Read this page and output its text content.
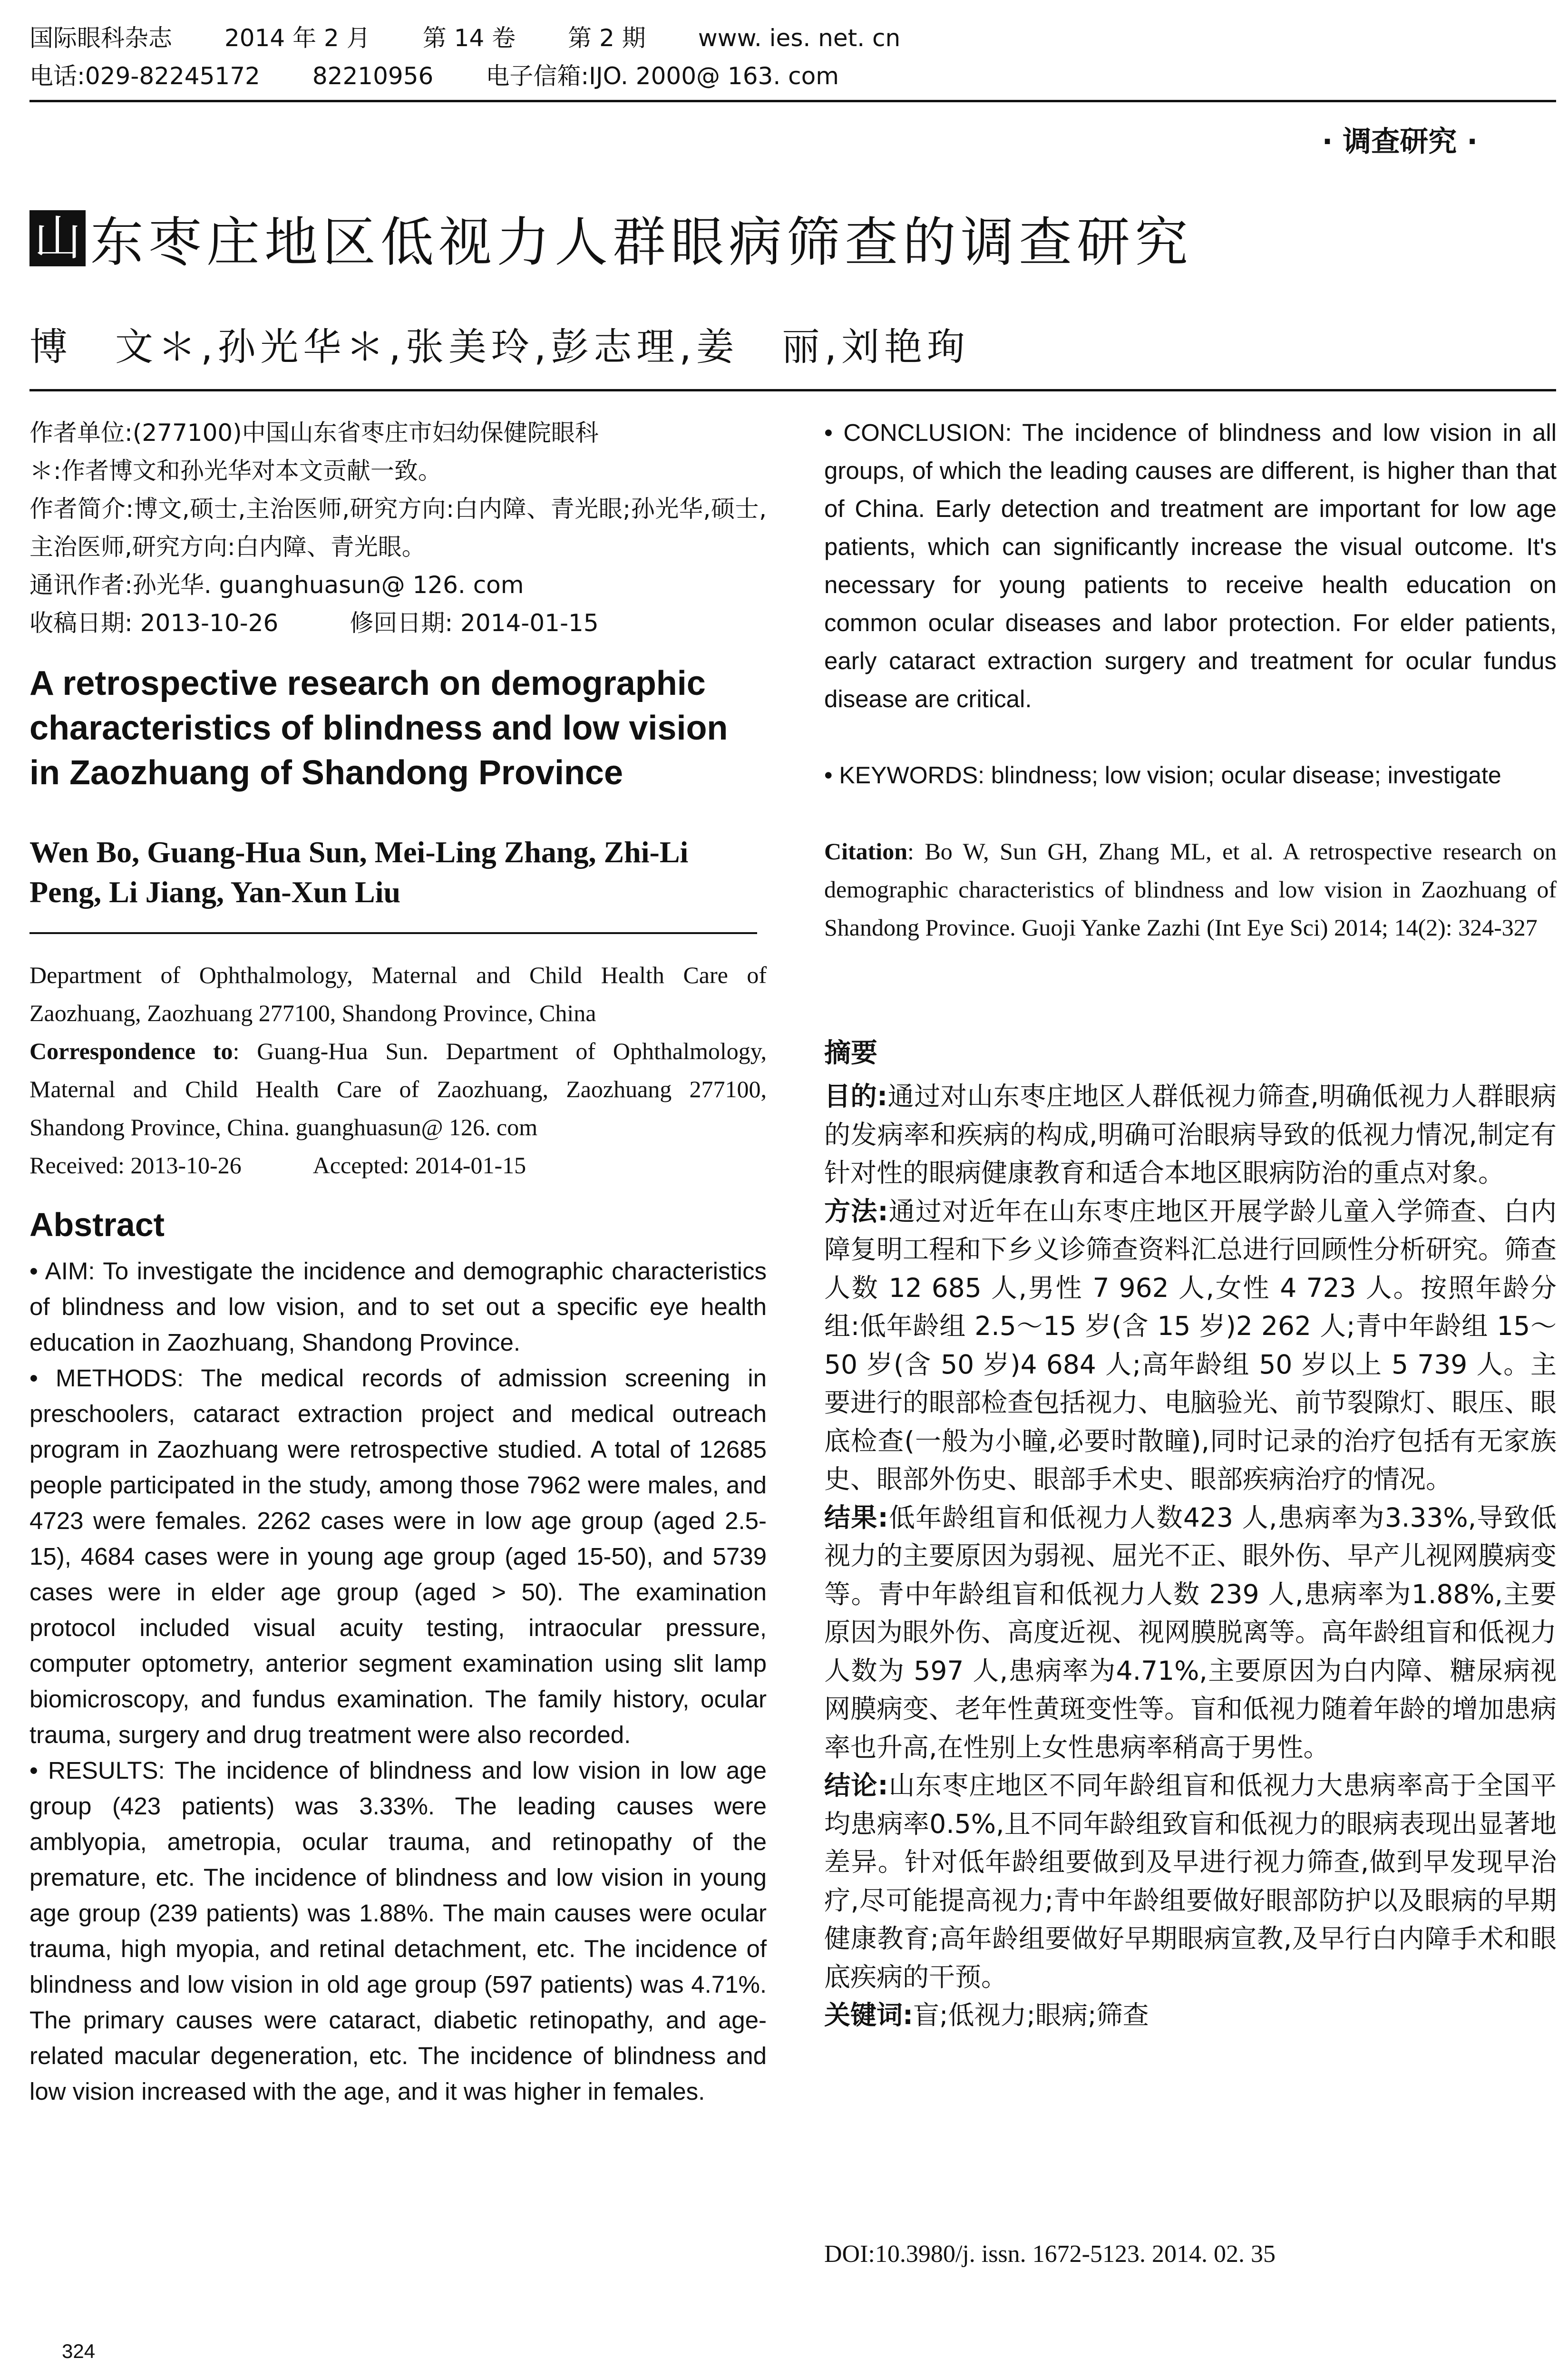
国际眼科杂志 2014 年 2 月 第 14 卷 第 2 期 www. ies. net. cn
电话:029-82245172 82210956 电子信箱:IJO. 2000@ 163. com
· 调查研究 ·
山 东枣庄地区低视力人群眼病筛查的调查研究
博　文＊,孙光华＊,张美玲,彭志理,姜　丽,刘艳珣

作者单位:(277100)中国山东省枣庄市妇幼保健院眼科

＊:作者博文和孙光华对本文贡献一致。

作者简介:博文,硕士,主治医师,研究方向:白内障、青光眼;孙光华,硕士,主治医师,研究方向:白内障、青光眼。

通讯作者:孙光华. guanghuasun@ 126. com

收稿日期: 2013-10-26　　　修回日期: 2014-01-15

A retrospective research on demographic characteristics of blindness and low vision in Zaozhuang of Shandong Province
Wen Bo, Guang-Hua Sun, Mei-Ling Zhang, Zhi-Li Peng, Li Jiang, Yan-Xun Liu

Department of Ophthalmology, Maternal and Child Health Care of Zaozhuang, Zaozhuang 277100, Shandong Province, China

Correspondence to: Guang-Hua Sun. Department of Ophthalmology, Maternal and Child Health Care of Zaozhuang, Zaozhuang 277100, Shandong Province, China. guanghuasun@ 126. com

Received: 2013-10-26　　　Accepted: 2014-01-15

Abstract

• AIM: To investigate the incidence and demographic characteristics of blindness and low vision, and to set out a specific eye health education in Zaozhuang, Shandong Province.

• METHODS: The medical records of admission screening in preschoolers, cataract extraction project and medical outreach program in Zaozhuang were retrospective studied. A total of 12685 people participated in the study, among those 7962 were males, and 4723 were females. 2262 cases were in low age group (aged 2.5-15), 4684 cases were in young age group (aged 15-50), and 5739 cases were in elder age group (aged > 50). The examination protocol included visual acuity testing, intraocular pressure, computer optometry, anterior segment examination using slit lamp biomicroscopy, and fundus examination. The family history, ocular trauma, surgery and drug treatment were also recorded.

• RESULTS: The incidence of blindness and low vision in low age group (423 patients) was 3.33%. The leading causes were amblyopia, ametropia, ocular trauma, and retinopathy of the premature, etc. The incidence of blindness and low vision in young age group (239 patients) was 1.88%. The main causes were ocular trauma, high myopia, and retinal detachment, etc. The incidence of blindness and low vision in old age group (597 patients) was 4.71%. The primary causes were cataract, diabetic retinopathy, and age-related macular degeneration, etc. The incidence of blindness and low vision increased with the age, and it was higher in females.

• CONCLUSION: The incidence of blindness and low vision in all groups, of which the leading causes are different, is higher than that of China. Early detection and treatment are important for low age patients, which can significantly increase the visual outcome. It's necessary for young patients to receive health education on common ocular diseases and labor protection. For elder patients, early cataract extraction surgery and treatment for ocular fundus disease are critical.

• KEYWORDS: blindness; low vision; ocular disease; investigate

Citation: Bo W, Sun GH, Zhang ML, et al. A retrospective research on demographic characteristics of blindness and low vision in Zaozhuang of Shandong Province. Guoji Yanke Zazhi (Int Eye Sci) 2014; 14(2): 324-327

摘要

目的:通过对山东枣庄地区人群低视力筛查,明确低视力人群眼病的发病率和疾病的构成,明确可治眼病导致的低视力情况,制定有针对性的眼病健康教育和适合本地区眼病防治的重点对象。

方法:通过对近年在山东枣庄地区开展学龄儿童入学筛查、白内障复明工程和下乡义诊筛查资料汇总进行回顾性分析研究。筛查人数 12 685 人,男性 7 962 人,女性 4 723 人。按照年龄分组:低年龄组 2.5～15 岁(含 15 岁)2 262 人;青中年龄组 15～50 岁(含 50 岁)4 684 人;高年龄组 50 岁以上 5 739 人。主要进行的眼部检查包括视力、电脑验光、前节裂隙灯、眼压、眼底检查(一般为小瞳,必要时散瞳),同时记录的治疗包括有无家族史、眼部外伤史、眼部手术史、眼部疾病治疗的情况。

结果:低年龄组盲和低视力人数423 人,患病率为3.33%,导致低视力的主要原因为弱视、屈光不正、眼外伤、早产儿视网膜病变等。青中年龄组盲和低视力人数 239 人,患病率为1.88%,主要原因为眼外伤、高度近视、视网膜脱离等。高年龄组盲和低视力人数为 597 人,患病率为4.71%,主要原因为白内障、糖尿病视网膜病变、老年性黄斑变性等。盲和低视力随着年龄的增加患病率也升高,在性别上女性患病率稍高于男性。

结论:山东枣庄地区不同年龄组盲和低视力大患病率高于全国平均患病率0.5%,且不同年龄组致盲和低视力的眼病表现出显著地差异。针对低年龄组要做到及早进行视力筛查,做到早发现早治疗,尽可能提高视力;青中年龄组要做好眼部防护以及眼病的早期健康教育;高年龄组要做好早期眼病宣教,及早行白内障手术和眼底疾病的干预。

关键词:盲;低视力;眼病;筛查

DOI:10.3980/j. issn. 1672-5123. 2014. 02. 35
324
